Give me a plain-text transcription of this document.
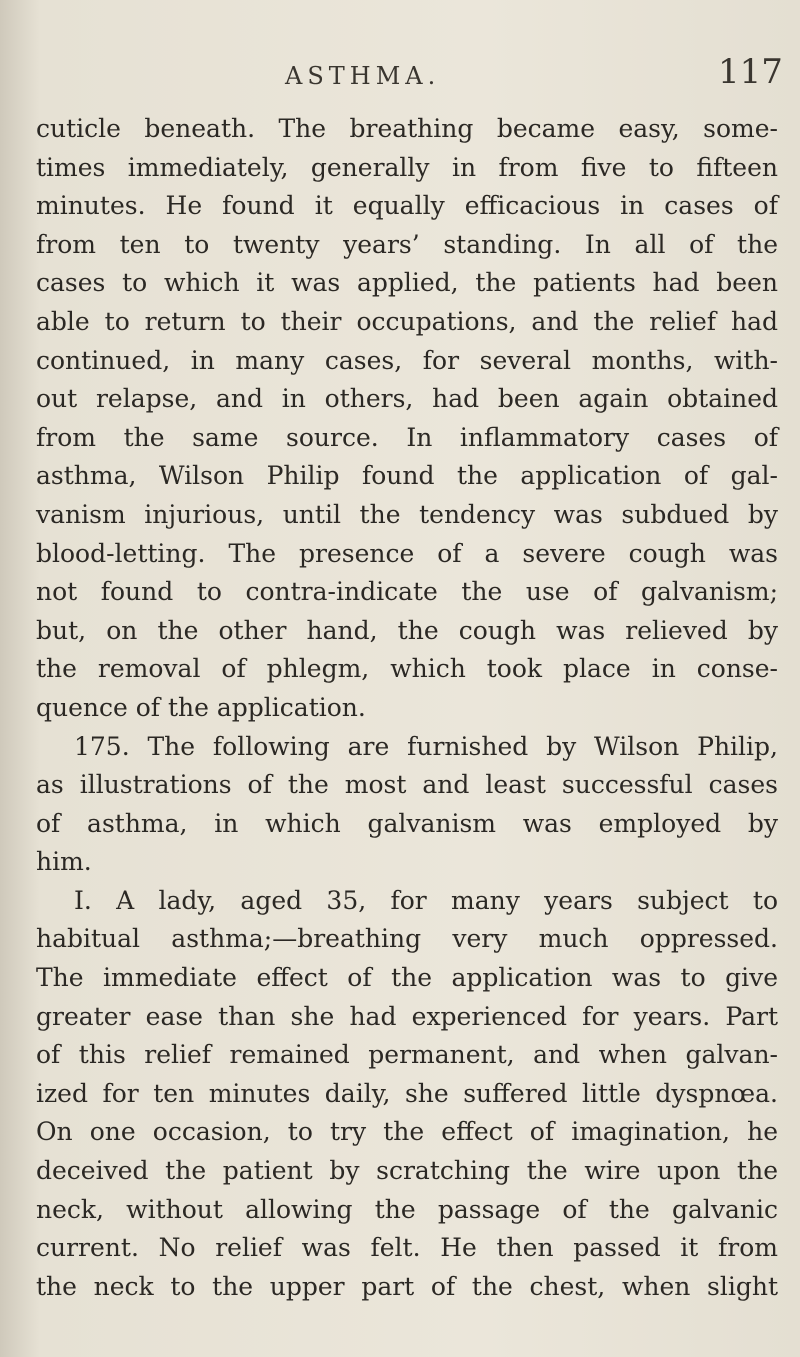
ASTHMA.	117
cuticle beneath. The breathing became easy, some-
times immediately, generally in from five to fifteen
minutes. He found it equally efficacious in cases of
from ten to twenty years’ standing. In all of the
cases to which it was applied, the patients had been
able to return to their occupations, and the relief had
continued, in many cases, for several months, with-
out relapse, and in others, had been again obtained
from the same source. In inflammatory cases of
asthma, Wilson Philip found the application of gal-
vanism injurious, until the tendency was subdued by
blood-letting. The presence of a severe cough was
not found to contra-indicate the use of galvanism;
but, on the other hand, the cough was relieved by
the removal of phlegm, which took place in conse-
quence of the application.
175. The following are furnished by Wilson Philip,
as illustrations of the most and least successful cases
of asthma, in which galvanism was employed by
him.
I. A lady, aged 35, for many years subject to
habitual asthma;—breathing very much oppressed.
The immediate effect of the application was to give
greater ease than she had experienced for years. Part
of this relief remained permanent, and when galvan-
ized for ten minutes daily, she suffered little dyspnœa.
On one occasion, to try the effect of imagination, he
deceived the patient by scratching the wire upon the
neck, without allowing the passage of the galvanic
current. No relief was felt. He then passed it from
the neck to the upper part of the chest, when slight
